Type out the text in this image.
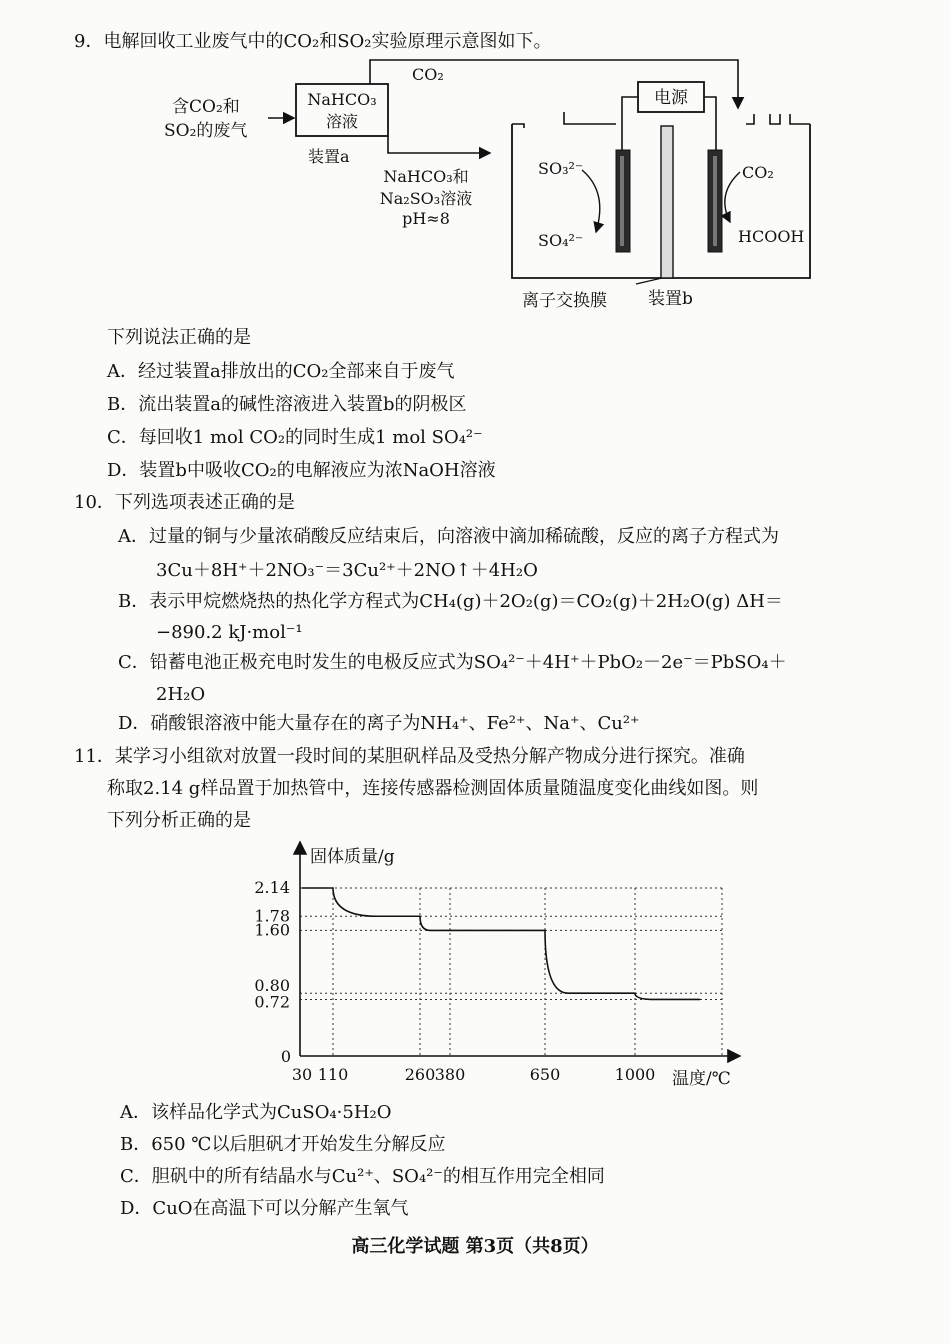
9．电解回收工业废气中的CO₂和SO₂实验原理示意图如下。
含CO₂和
SO₂的废气
NaHCO₃
溶液
装置a
CO₂
NaHCO₃和
Na₂SO₃溶液
pH≈8
电源
SO₃²⁻
SO₄²⁻
CO₂
HCOOH
离子交换膜 装置b
下列说法正确的是
A．经过装置a排放出的CO₂全部来自于废气
B．流出装置a的碱性溶液进入装置b的阴极区
C．每回收1 mol CO₂的同时生成1 mol SO₄²⁻
D．装置b中吸收CO₂的电解液应为浓NaOH溶液
10．下列选项表述正确的是
A．过量的铜与少量浓硝酸反应结束后，向溶液中滴加稀硫酸，反应的离子方程式为
3Cu＋8H⁺＋2NO₃⁻＝3Cu²⁺＋2NO↑＋4H₂O
B．表示甲烷燃烧热的热化学方程式为CH₄(g)＋2O₂(g)＝CO₂(g)＋2H₂O(g) ΔH＝
−890.2 kJ·mol⁻¹
C．铅蓄电池正极充电时发生的电极反应式为SO₄²⁻＋4H⁺＋PbO₂－2e⁻＝PbSO₄＋
2H₂O
D．硝酸银溶液中能大量存在的离子为NH₄⁺、Fe²⁺、Na⁺、Cu²⁺
11．某学习小组欲对放置一段时间的某胆矾样品及受热分解产物成分进行探究。准确
称取2.14 g样品置于加热管中，连接传感器检测固体质量随温度变化曲线如图。则
下列分析正确的是
固体质量/g
温度/℃
0
2.14
1.78
1.60
0.80
0.72
30 110	260 380	650	1000
A．该样品化学式为CuSO₄·5H₂O
B．650 ℃以后胆矾才开始发生分解反应
C．胆矾中的所有结晶水与Cu²⁺、SO₄²⁻的相互作用完全相同
D．CuO在高温下可以分解产生氧气
高三化学试题 第3页（共8页）
